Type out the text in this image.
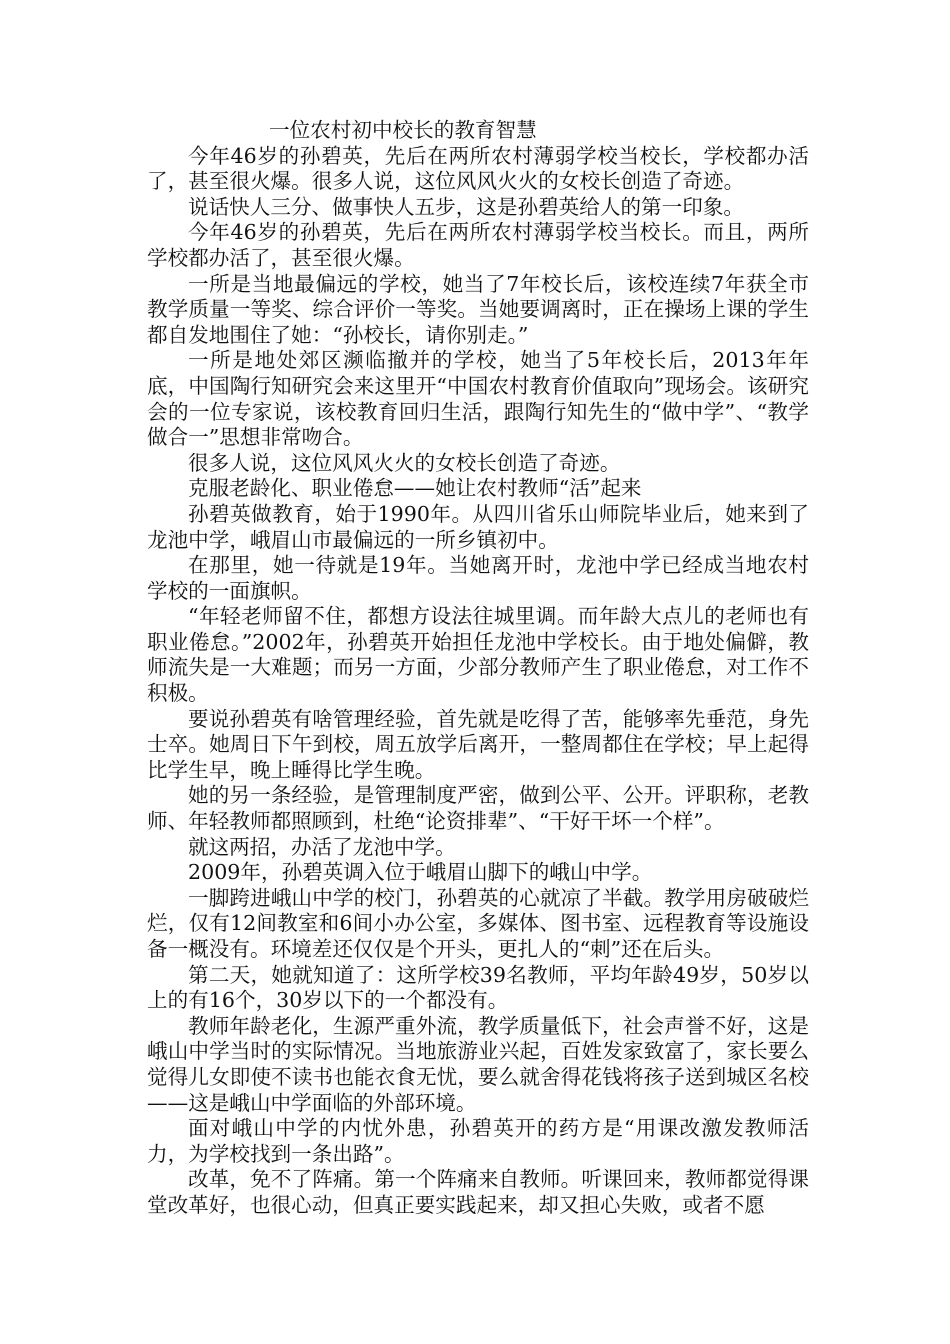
一位农村初中校长的教育智慧

今年46岁的孙碧英，先后在两所农村薄弱学校当校长，学校都办活了，甚至很火爆。很多人说，这位风风火火的女校长创造了奇迹。

说话快人三分、做事快人五步，这是孙碧英给人的第一印象。

今年46岁的孙碧英，先后在两所农村薄弱学校当校长。而且，两所学校都办活了，甚至很火爆。

一所是当地最偏远的学校，她当了7年校长后，该校连续7年获全市教学质量一等奖、综合评价一等奖。当她要调离时，正在操场上课的学生都自发地围住了她：“孙校长，请你别走。”

一所是地处郊区濒临撤并的学校，她当了5年校长后，2013年年底，中国陶行知研究会来这里开“中国农村教育价值取向”现场会。该研究会的一位专家说，该校教育回归生活，跟陶行知先生的“做中学”、“教学做合一”思想非常吻合。

很多人说，这位风风火火的女校长创造了奇迹。

克服老龄化、职业倦怠——她让农村教师“活”起来

孙碧英做教育，始于1990年。从四川省乐山师院毕业后，她来到了龙池中学，峨眉山市最偏远的一所乡镇初中。

在那里，她一待就是19年。当她离开时，龙池中学已经成当地农村学校的一面旗帜。

“年轻老师留不住，都想方设法往城里调。而年龄大点儿的老师也有职业倦怠。”2002年，孙碧英开始担任龙池中学校长。由于地处偏僻，教师流失是一大难题；而另一方面，少部分教师产生了职业倦怠，对工作不积极。

要说孙碧英有啥管理经验，首先就是吃得了苦，能够率先垂范，身先士卒。她周日下午到校，周五放学后离开，一整周都住在学校；早上起得比学生早，晚上睡得比学生晚。

她的另一条经验，是管理制度严密，做到公平、公开。评职称，老教师、年轻教师都照顾到，杜绝“论资排辈”、“干好干坏一个样”。

就这两招，办活了龙池中学。

2009年，孙碧英调入位于峨眉山脚下的峨山中学。

一脚跨进峨山中学的校门，孙碧英的心就凉了半截。教学用房破破烂烂，仅有12间教室和6间小办公室，多媒体、图书室、远程教育等设施设备一概没有。环境差还仅仅是个开头，更扎人的“刺”还在后头。

第二天，她就知道了：这所学校39名教师，平均年龄49岁，50岁以上的有16个，30岁以下的一个都没有。

教师年龄老化，生源严重外流，教学质量低下，社会声誉不好，这是峨山中学当时的实际情况。当地旅游业兴起，百姓发家致富了，家长要么觉得儿女即使不读书也能衣食无忧，要么就舍得花钱将孩子送到城区名校——这是峨山中学面临的外部环境。

面对峨山中学的内忧外患，孙碧英开的药方是“用课改激发教师活力，为学校找到一条出路”。

改革，免不了阵痛。第一个阵痛来自教师。听课回来，教师都觉得课堂改革好，也很心动，但真正要实践起来，却又担心失败，或者不愿
